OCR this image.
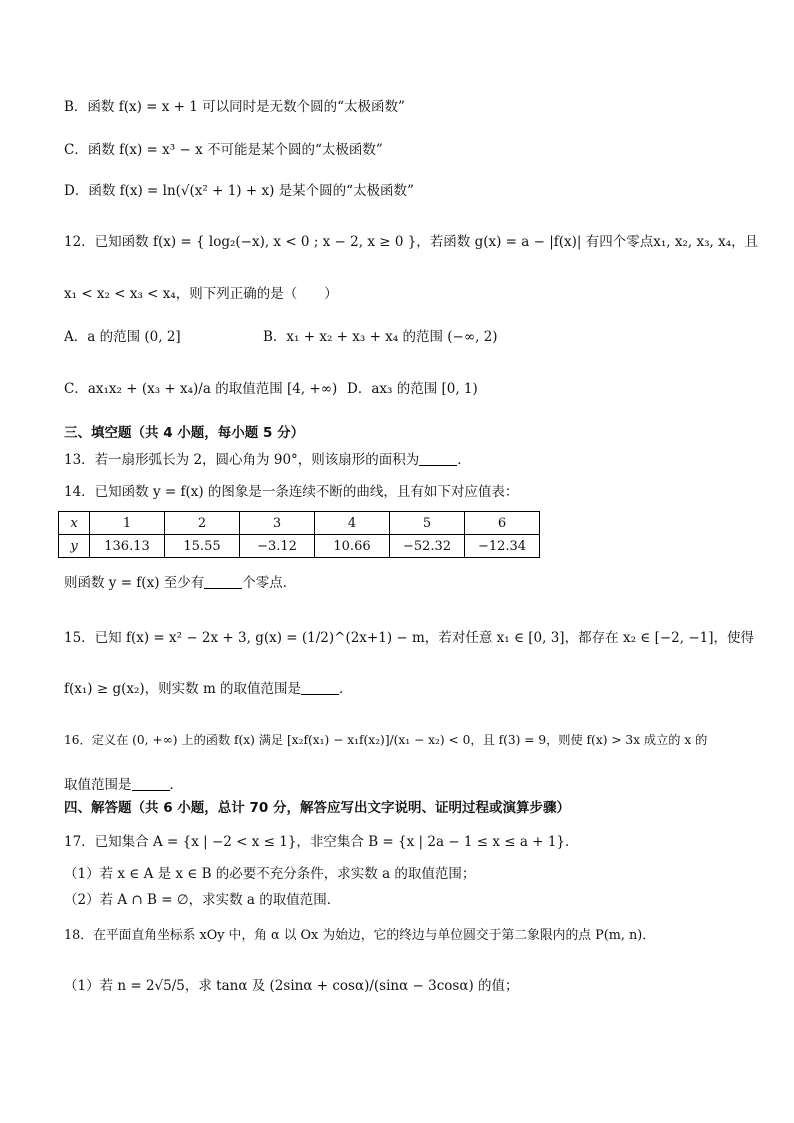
B．函数 f(x) = x + 1 可以同时是无数个圆的“太极函数”
C．函数 f(x) = x³ − x 不可能是某个圆的“太极函数”
D．函数 f(x) = ln(√(x² + 1) + x) 是某个圆的“太极函数”
12．已知函数 f(x) = { log₂(−x), x < 0 ; x − 2, x ≥ 0 }， 若函数 g(x) = a − |f(x)| 有四个零点 x₁, x₂, x₃, x₄，且
x₁ < x₂ < x₃ < x₄，则下列正确的是（　　）
A．a 的范围 (0, 2]	B．x₁ + x₂ + x₃ + x₄ 的范围 (−∞, 2)
C．ax₁x₂ + (x₃ + x₄)/a 的取值范围 [4, +∞) D．ax₃ 的范围 [0, 1)
三、填空题（共 4 小题，每小题 5 分）
13．若一扇形弧长为 2，圆心角为 90°，则该扇形的面积为	．
14．已知函数 y = f(x) 的图象是一条连续不断的曲线，且有如下对应值表：
x	1	2	3	4	5	6
y	136.13	15.55	−3.12	10.66	−52.32	−12.34
则函数 y = f(x) 至少有	个零点．
15．已知 f(x) = x² − 2x + 3, g(x) = (1/2)^(2x+1) − m， 若对任意 x₁ ∈ [0, 3]， 都存在 x₂ ∈ [−2, −1]，使得
f(x₁) ≥ g(x₂)，则实数 m 的取值范围是	．
16．定义在 (0, +∞) 上的函数 f(x) 满足 [x₂f(x₁) − x₁f(x₂)]/(x₁ − x₂) < 0，且 f(3) = 9，则使 f(x) > 3x 成立的 x 的
取值范围是	．
四、解答题（共 6 小题，总计 70 分，解答应写出文字说明、证明过程或演算步骤）
17．已知集合 A = {x | −2 < x ≤ 1}，非空集合 B = {x | 2a − 1 ≤ x ≤ a + 1}．
（1）若 x ∈ A 是 x ∈ B 的必要不充分条件，求实数 a 的取值范围；
（2）若 A ∩ B = ∅，求实数 a 的取值范围．
18．在平面直角坐标系 xOy 中，角 α 以 Ox 为始边，它的终边与单位圆交于第二象限内的点 P(m, n)．
（1）若 n = 2√5/5，求 tanα 及 (2sinα + cosα)/(sinα − 3cosα) 的值；
